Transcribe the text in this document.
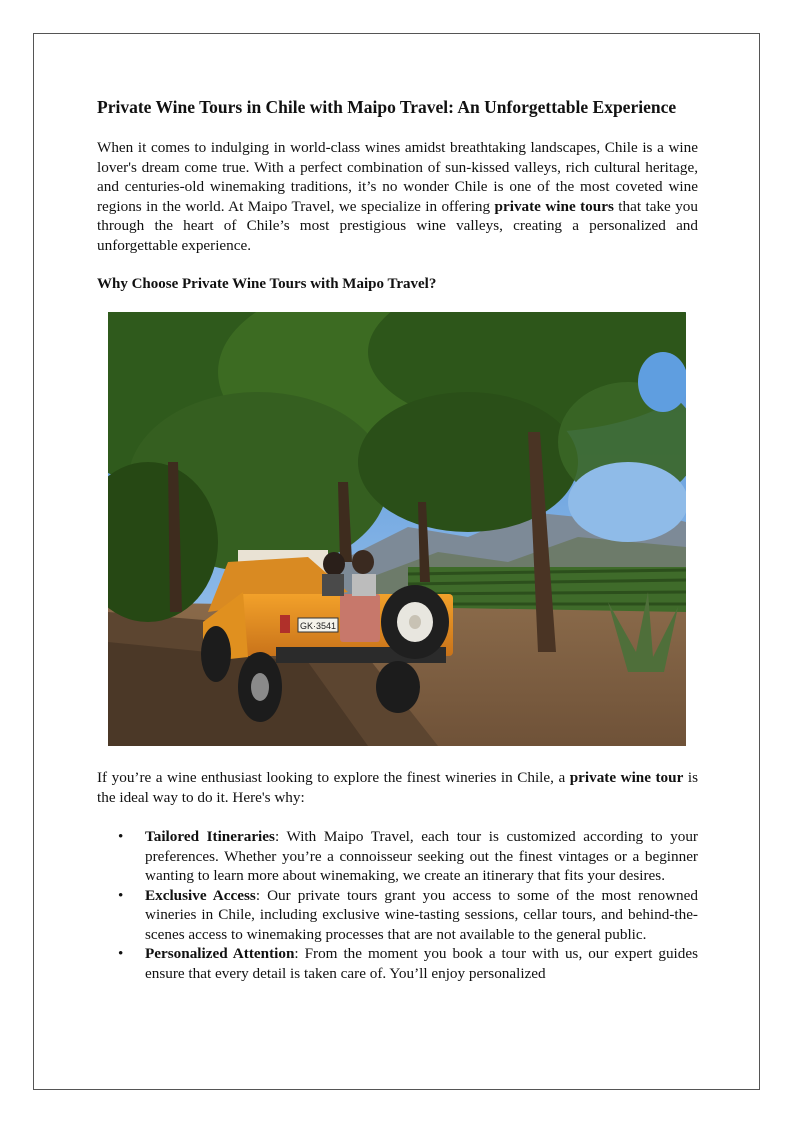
Private Wine Tours in Chile with Maipo Travel: An Unforgettable Experience

When it comes to indulging in world-class wines amidst breathtaking landscapes, Chile is a wine lover's dream come true. With a perfect combination of sun-kissed valleys, rich cultural heritage, and centuries-old winemaking traditions, it’s no wonder Chile is one of the most coveted wine regions in the world. At Maipo Travel, we specialize in offering private wine tours that take you through the heart of Chile’s most prestigious wine valleys, creating a personalized and unforgettable experience.

Why Choose Private Wine Tours with Maipo Travel?
GK·3541

If you’re a wine enthusiast looking to explore the finest wineries in Chile, a private wine tour is the ideal way to do it. Here's why:

• Tailored Itineraries: With Maipo Travel, each tour is customized according to your preferences. Whether you’re a connoisseur seeking out the finest vintages or a beginner wanting to learn more about winemaking, we create an itinerary that fits your desires.
• Exclusive Access: Our private tours grant you access to some of the most renowned wineries in Chile, including exclusive wine-tasting sessions, cellar tours, and behind-the-scenes access to winemaking processes that are not available to the general public.
• Personalized Attention: From the moment you book a tour with us, our expert guides ensure that every detail is taken care of. You’ll enjoy personalized
